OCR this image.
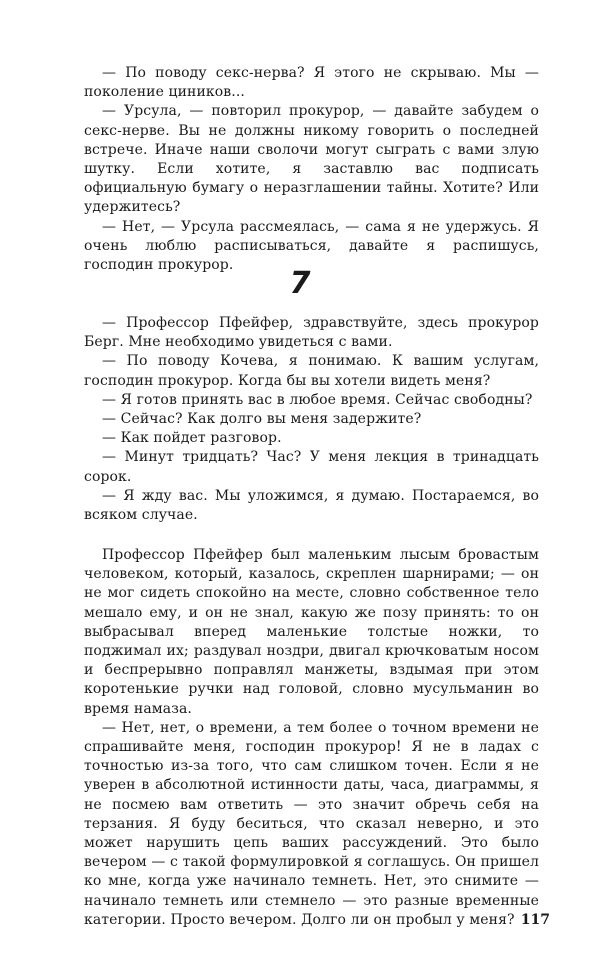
— По поводу секс-нерва? Я этого не скрываю. Мы — поколение циников...

— Урсула, — повторил прокурор, — давайте забудем о секс-нерве. Вы не должны никому говорить о последней встрече. Иначе наши сволочи могут сыграть с вами злую шутку. Если хотите, я заставлю вас подписать официальную бумагу о неразглашении тайны. Хотите? Или удержитесь?

— Нет, — Урсула рассмеялась, — сама я не удержусь. Я очень люблю расписываться, давайте я распишусь, господин прокурор.

7

— Профессор Пфейфер, здравствуйте, здесь прокурор Берг. Мне необходимо увидеться с вами.

— По поводу Кочева, я понимаю. К вашим услугам, господин прокурор. Когда бы вы хотели видеть меня?

— Я готов принять вас в любое время. Сейчас свободны?

— Сейчас? Как долго вы меня задержите?

— Как пойдет разговор.

— Минут тридцать? Час? У меня лекция в тринадцать сорок.

— Я жду вас. Мы уложимся, я думаю. Постараемся, во всяком случае.

Профессор Пфейфер был маленьким лысым бровастым человеком, который, казалось, скреплен шарнирами; — он не мог сидеть спокойно на месте, словно собственное тело мешало ему, и он не знал, какую же позу принять: то он выбрасывал вперед маленькие толстые ножки, то поджимал их; раздувал ноздри, двигал крючковатым носом и беспрерывно поправлял манжеты, вздымая при этом коротенькие ручки над головой, словно мусульманин во время намаза.

— Нет, нет, о времени, а тем более о точном времени не спрашивайте меня, господин прокурор! Я не в ладах с точностью из-за того, что сам слишком точен. Если я не уверен в абсолютной истинности даты, часа, диаграммы, я не посмею вам ответить — это значит обречь себя на терзания. Я буду беситься, что сказал неверно, и это может нарушить цепь ваших рассуждений. Это было вечером — с такой формулировкой я соглашусь. Он пришел ко мне, когда уже начинало темнеть. Нет, это снимите — начинало темнеть или стемнело — это разные временные категории. Просто вечером. Долго ли он пробыл у меня? 117
